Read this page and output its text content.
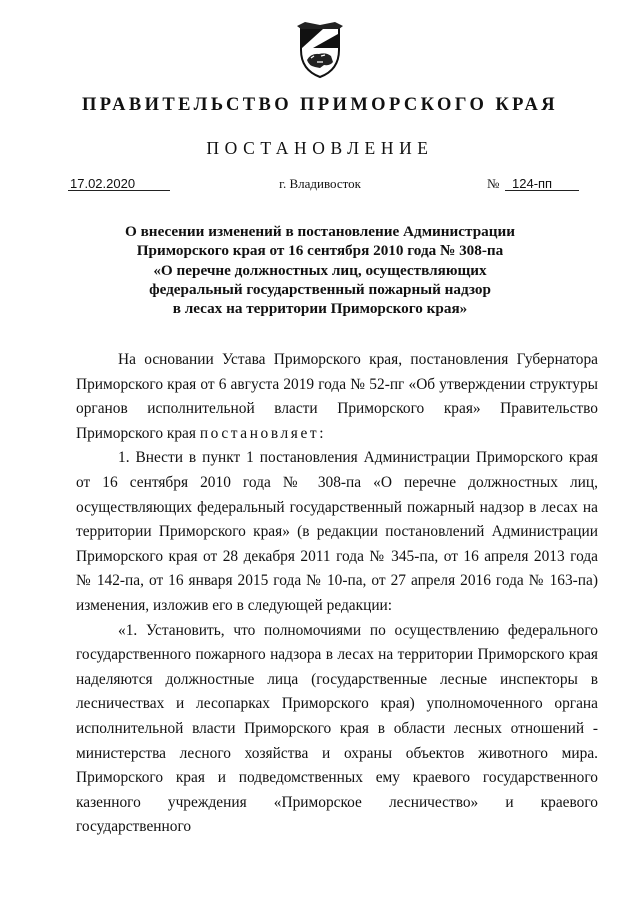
ПРАВИТЕЛЬСТВО ПРИМОРСКОГО КРАЯ
ПОСТАНОВЛЕНИЕ
17.02.2020	г. Владивосток	№ 124-пп
О внесении изменений в постановление Администрации
Приморского края от 16 сентября 2010 года № 308-па
«О перечне должностных лиц, осуществляющих
федеральный государственный пожарный надзор
в лесах на территории Приморского края»
На основании Устава Приморского края, постановления Губернатора
Приморского края от 6 августа 2019 года № 52-пг «Об утверждении структуры
органов исполнительной власти Приморского края» Правительство
Приморского края постановляет:
1. Внести в пункт 1 постановления Администрации Приморского края
от 16 сентября 2010 года № 308-па «О перечне должностных лиц,
осуществляющих федеральный государственный пожарный надзор в лесах на
территории Приморского края» (в редакции постановлений Администрации
Приморского края от 28 декабря 2011 года № 345-па, от 16 апреля 2013 года
№ 142-па, от 16 января 2015 года № 10-па, от 27 апреля 2016 года № 163-па)
изменения, изложив его в следующей редакции:
«1. Установить, что полномочиями по осуществлению федерального
государственного пожарного надзора в лесах на территории Приморского края
наделяются должностные лица (государственные лесные инспекторы в
лесничествах и лесопарках Приморского края) уполномоченного органа
исполнительной власти Приморского края в области лесных отношений -
министерства лесного хозяйства и охраны объектов животного мира.
Приморского края и подведомственных ему краевого государственного
казенного учреждения «Приморское лесничество» и краевого государственного
